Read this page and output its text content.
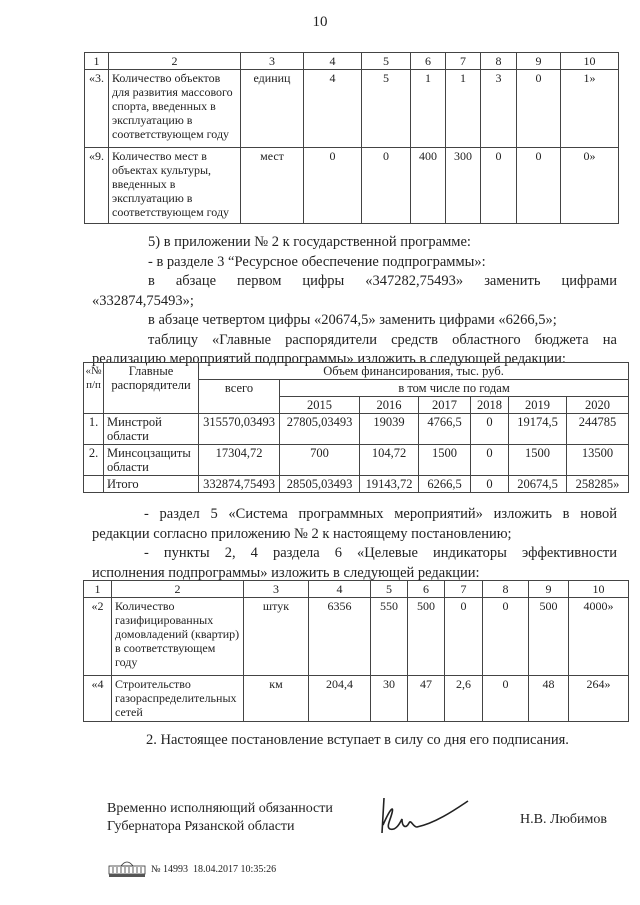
10
1	2	3	4	5	6	7	8	9	10
«3.	Количество объектов для развития массового спорта, введенных в эксплуатацию в соответствующем году	единиц	4	5	1	1	3	0	1»
«9.	Количество мест в объектах культуры, введенных в эксплуатацию в соответствующем году	мест	0	0	400	300	0	0	0»
5) в приложении № 2 к государственной программе:
- в разделе 3 “Ресурсное обеспечение подпрограммы»:
в абзаце первом цифры «347282,75493» заменить цифрами
«332874,75493»;
в абзаце четвертом цифры «20674,5» заменить цифрами «6266,5»;
таблицу «Главные распорядители средств областного бюджета на
реализацию мероприятий подпрограммы» изложить в следующей редакции:
«№ п/п	Главные распорядители	Объем финансирования, тыс. руб.						
		всего	в том числе по годам					
			2015	2016	2017	2018	2019	2020
1.	Минстрой области	315570,03493	27805,03493	19039	4766,5	0	19174,5	244785
2.	Минсоцзащиты области	17304,72	700	104,72	1500	0	1500	13500
	Итого	332874,75493	28505,03493	19143,72	6266,5	0	20674,5	258285»
- раздел 5 «Система программных мероприятий» изложить в новой
редакции согласно приложению № 2 к настоящему постановлению;
- пункты 2, 4 раздела 6 «Целевые индикаторы эффективности
исполнения подпрограммы» изложить в следующей редакции:
1	2	3	4	5	6	7	8	9	10
«2	Количество газифицированных домовладений (квартир) в соответствующем году	штук	6356	550	500	0	0	500	4000»
«4	Строительство газораспределительных сетей	км	204,4	30	47	2,6	0	48	264»
2. Настоящее постановление вступает в силу со дня его подписания.
Временно исполняющий обязанности
Губернатора Рязанской области	Н.В. Любимов
№ 14993 18.04.2017 10:35:26
